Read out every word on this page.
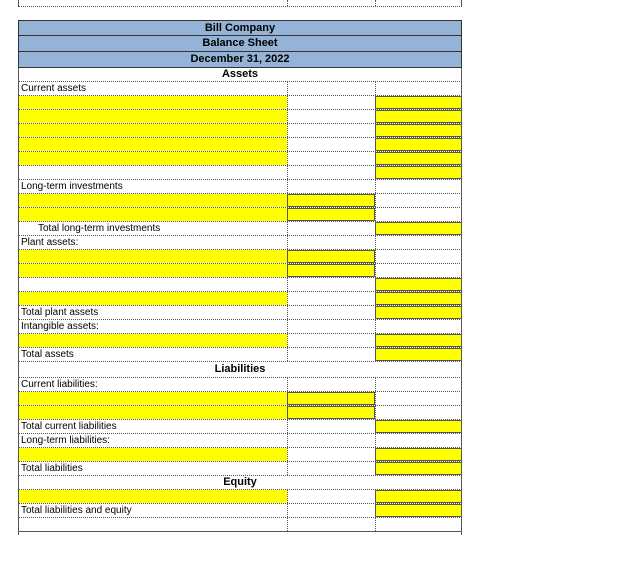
Bill Company
Balance Sheet
December 31, 2022
Assets
Current assets
Long-term investments
Total long-term investments
Plant assets:
Total plant assets
Intangible assets:
Total assets
Liabilities
Current liabilities:
Total current liabilities
Long-term liabilities:
Total liabilities
Equity
Total liabilities and equity
